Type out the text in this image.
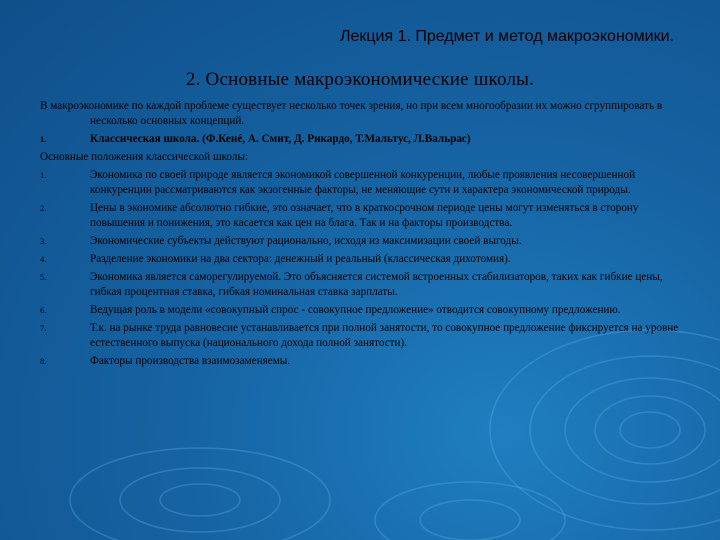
Лекция 1. Предмет и метод макроэкономики.
2. Основные макроэкономические школы.

В макроэкономике по каждой проблеме существует несколько точек зрения, но при всем многообразии их можно сгруппировать в несколько основных концепций.

1.	Классическая школа. (Ф.Кенé, А. Смит, Д. Рикардо, Т.Мальтус, Л.Вальрас)

Основные положения классической школы:

1.	Экономика по своей природе является экономикой совершенной конкуренции, любые проявления несовершенной конкуренции рассматриваются как экзогенные факторы, не меняющие сути и характера экономической природы.
2.	Цены в экономике абсолютно гибкие, это означает, что в краткосрочном периоде цены могут изменяться в сторону повышения и понижения, это касается как цен на блага. Так и на факторы производства.
3.	Экономические субъекты действуют рационально, исходя из максимизации своей выгоды.
4.	Разделение экономики на два сектора: денежный и реальный (классическая дихотомия).
5.	Экономика является саморегулируемой. Это объясняется системой встроенных стабилизаторов, таких как гибкие цены, гибкая процентная ставка, гибкая номинальная ставка зарплаты.
6.	Ведущая роль в модели «совокупный спрос - совокупное предложение» отводится совокупному предложению.
7.	Т.к. на рынке труда равновесие устанавливается при полной занятости, то совокупное предложение фиксируется на уровне естественного выпуска (национального дохода полной занятости).
8.	Факторы производства взаимозаменяемы.
